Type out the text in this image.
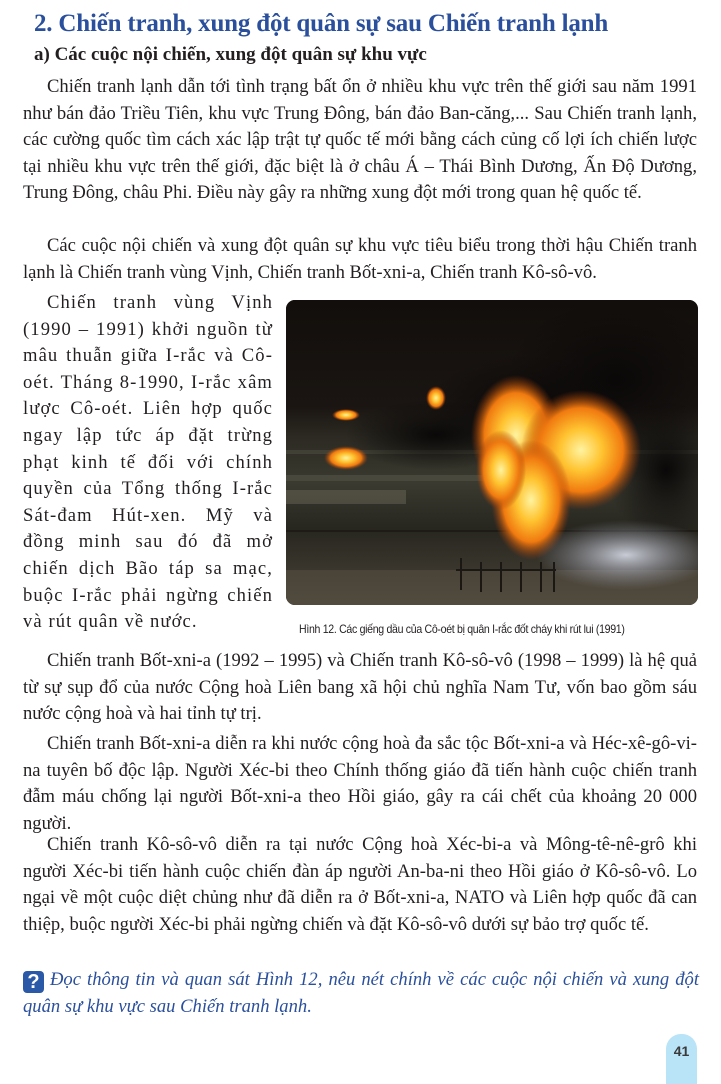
2. Chiến tranh, xung đột quân sự sau Chiến tranh lạnh
a) Các cuộc nội chiến, xung đột quân sự khu vực

Chiến tranh lạnh dẫn tới tình trạng bất ổn ở nhiều khu vực trên thế giới sau năm 1991 như bán đảo Triều Tiên, khu vực Trung Đông, bán đảo Ban-căng,... Sau Chiến tranh lạnh, các cường quốc tìm cách xác lập trật tự quốc tế mới bằng cách củng cố lợi ích chiến lược tại nhiều khu vực trên thế giới, đặc biệt là ở châu Á – Thái Bình Dương, Ấn Độ Dương, Trung Đông, châu Phi. Điều này gây ra những xung đột mới trong quan hệ quốc tế.

Các cuộc nội chiến và xung đột quân sự khu vực tiêu biểu trong thời hậu Chiến tranh lạnh là Chiến tranh vùng Vịnh, Chiến tranh Bốt-xni-a, Chiến tranh Kô-sô-vô.

Chiến tranh vùng Vịnh (1990 – 1991) khởi nguồn từ mâu thuẫn giữa I-rắc và Cô-oét. Tháng 8-1990, I-rắc xâm lược Cô-oét. Liên hợp quốc ngay lập tức áp đặt trừng phạt kinh tế đối với chính quyền của Tổng thống I-rắc Sát-đam Hút-xen. Mỹ và đồng minh sau đó đã mở chiến dịch Bão táp sa mạc, buộc I-rắc phải ngừng chiến và rút quân về nước.	Hình 12. Các giếng dầu của Cô-oét bị quân I-rắc đốt cháy khi rút lui (1991)

Chiến tranh Bốt-xni-a (1992 – 1995) và Chiến tranh Kô-sô-vô (1998 – 1999) là hệ quả từ sự sụp đổ của nước Cộng hoà Liên bang xã hội chủ nghĩa Nam Tư, vốn bao gồm sáu nước cộng hoà và hai tỉnh tự trị.

Chiến tranh Bốt-xni-a diễn ra khi nước cộng hoà đa sắc tộc Bốt-xni-a và Héc-xê-gô-vi-na tuyên bố độc lập. Người Xéc-bi theo Chính thống giáo đã tiến hành cuộc chiến tranh đẫm máu chống lại người Bốt-xni-a theo Hồi giáo, gây ra cái chết của khoảng 20 000 người.

Chiến tranh Kô-sô-vô diễn ra tại nước Cộng hoà Xéc-bi-a và Mông-tê-nê-grô khi người Xéc-bi tiến hành cuộc chiến đàn áp người An-ba-ni theo Hồi giáo ở Kô-sô-vô. Lo ngại về một cuộc diệt chủng như đã diễn ra ở Bốt-xni-a, NATO và Liên hợp quốc đã can thiệp, buộc người Xéc-bi phải ngừng chiến và đặt Kô-sô-vô dưới sự bảo trợ quốc tế.

? Đọc thông tin và quan sát Hình 12, nêu nét chính về các cuộc nội chiến và xung đột quân sự khu vực sau Chiến tranh lạnh.

41
